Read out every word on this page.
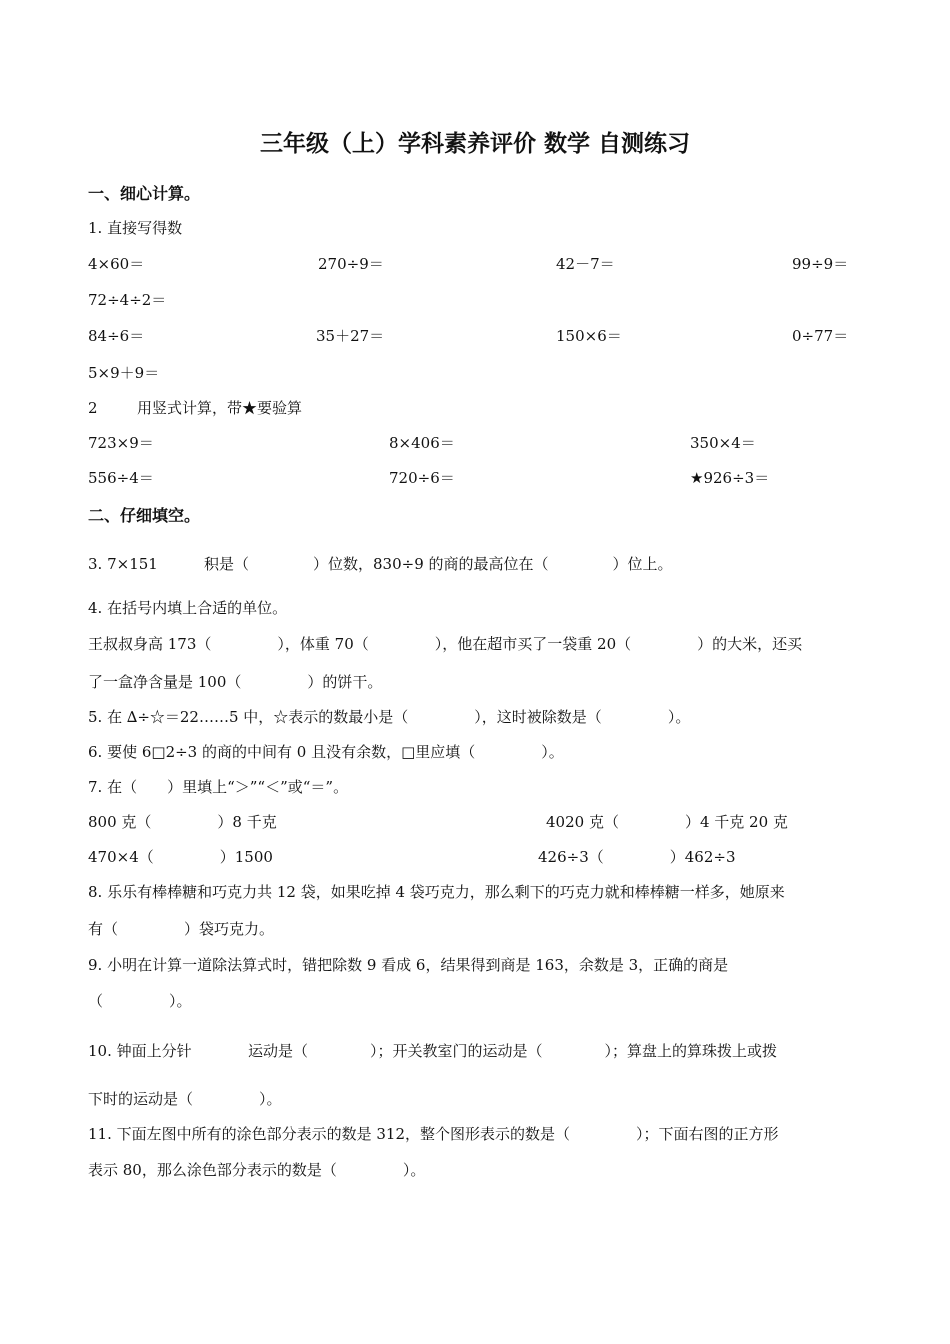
三年级（上）学科素养评价 数学 自测练习
一、细心计算。
1. 直接写得数
4×60＝	270÷9＝	42－7＝	99÷9＝
72÷4÷2＝
84÷6＝	35＋27＝	150×6＝	0÷77＝
5×9＋9＝
2	用竖式计算，带★要验算
723×9＝	8×406＝	350×4＝
556÷4＝	720÷6＝	★926÷3＝
二、仔细填空。
3. 7×151	积是（	）位数，830÷9 的商的最高位在（	）位上。
4. 在括号内填上合适的单位。
王叔叔身高 173（	），体重 70（	），他在超市买了一袋重 20（	）的大米，还买
了一盒净含量是 100（	）的饼干。
5. 在 ∆÷☆＝22……5 中，☆表示的数最小是（	），这时被除数是（	）。
6. 要使 6□2÷3 的商的中间有 0 且没有余数，□里应填（	）。
7. 在（　　）里填上“＞”“＜”或“＝”。
800 克（	）8 千克	4020 克（	）4 千克 20 克
470×4（	）1500	426÷3（	）462÷3
8. 乐乐有棒棒糖和巧克力共 12 袋，如果吃掉 4 袋巧克力，那么剩下的巧克力就和棒棒糖一样多，她原来
有（	）袋巧克力。
9. 小明在计算一道除法算式时，错把除数 9 看成 6，结果得到商是 163，余数是 3，正确的商是
（	）。
10. 钟面上分针	运动是（	）；开关教室门的运动是（	）；算盘上的算珠拨上或拨
下时的运动是（	）。
11. 下面左图中所有的涂色部分表示的数是 312，整个图形表示的数是（	）；下面右图的正方形
表示 80，那么涂色部分表示的数是（	）。
